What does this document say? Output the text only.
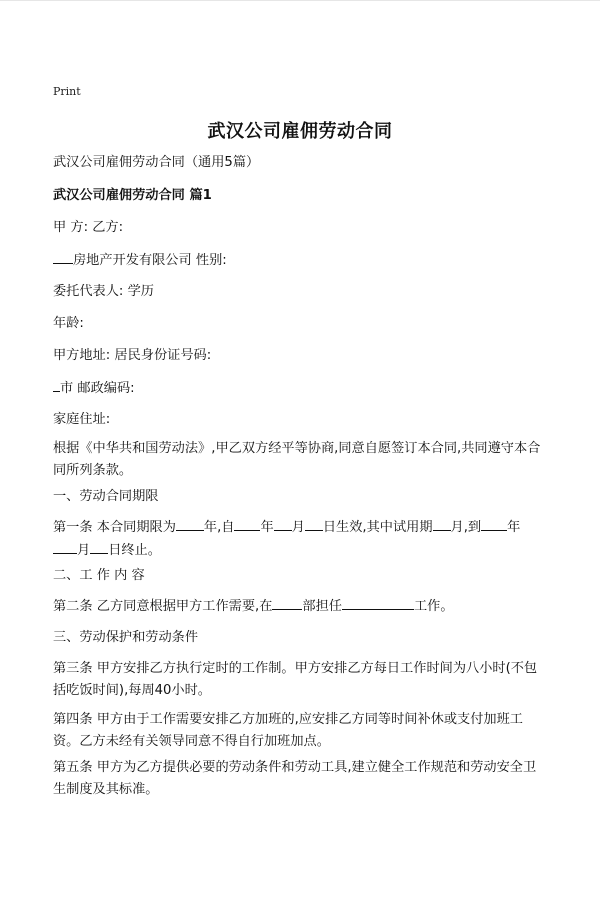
Print
武汉公司雇佣劳动合同
武汉公司雇佣劳动合同（通用5篇）
武汉公司雇佣劳动合同 篇1
甲 方: 乙方:
房地产开发有限公司 性别:
委托代表人: 学历
年龄:
甲方地址: 居民身份证号码:
市 邮政编码:
家庭住址:
根据《中华共和国劳动法》,甲乙双方经平等协商,同意自愿签订本合同,共同遵守本合同所列条款。
一、劳动合同期限
第一条 本合同期限为 年,自 年 月 日生效,其中试用期 月,到 年
月 日终止。
二、工 作 内 容
第二条 乙方同意根据甲方工作需要,在 部担任	工作。
三、劳动保护和劳动条件
第三条 甲方安排乙方执行定时的工作制。甲方安排乙方每日工作时间为八小时(不包括吃饭时间),每周40小时。
第四条 甲方由于工作需要安排乙方加班的,应安排乙方同等时间补休或支付加班工资。乙方未经有关领导同意不得自行加班加点。
第五条 甲方为乙方提供必要的劳动条件和劳动工具,建立健全工作规范和劳动安全卫生制度及其标准。
